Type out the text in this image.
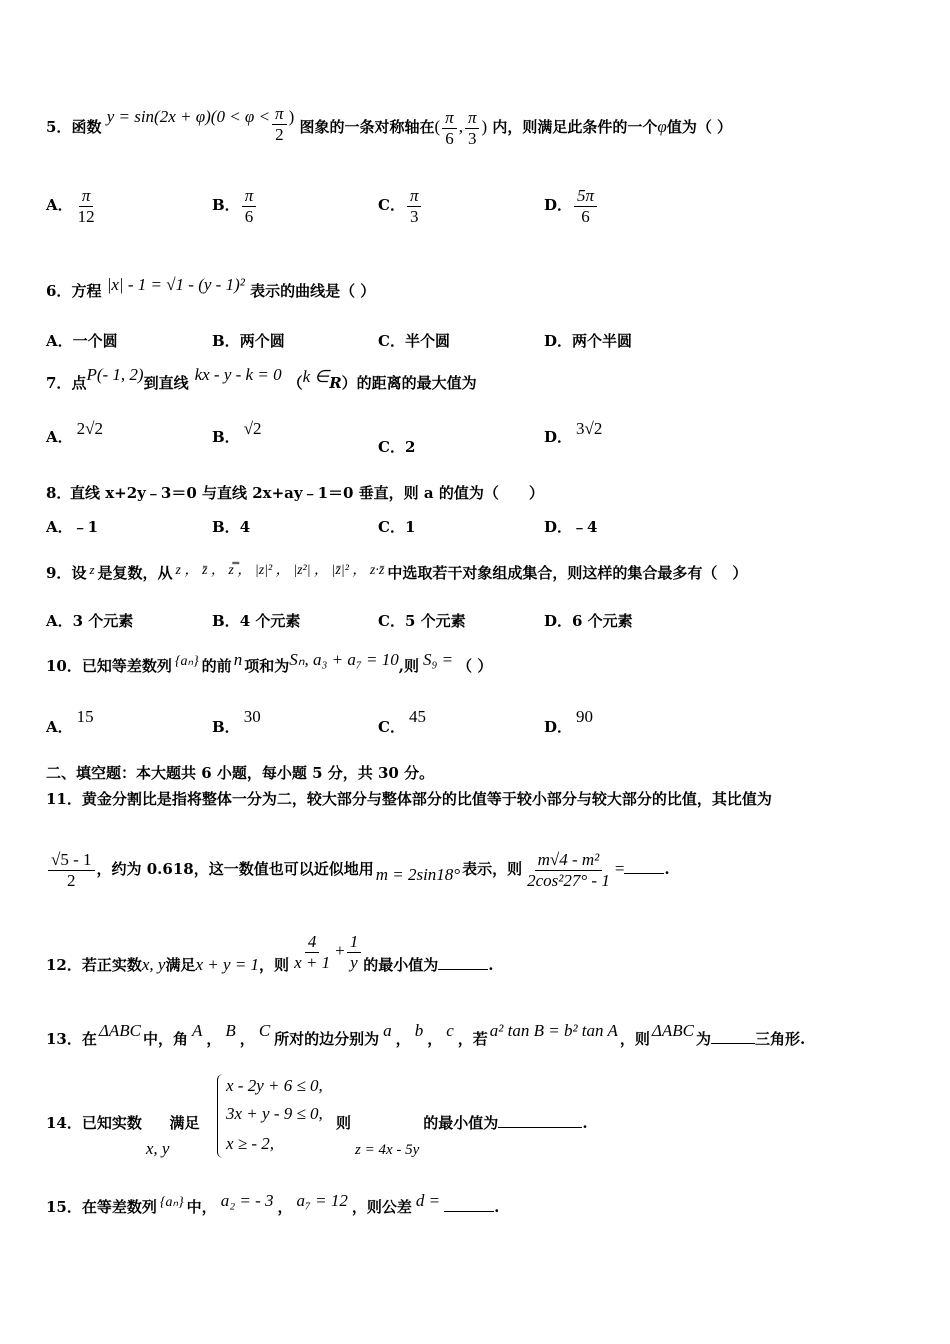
5．函数 $y = \sin(2x + \varphi)(0 < \varphi < \frac{\pi}{2}$ ) 图象的一条对称轴在( $\frac{\pi}{6}$ , $\frac{\pi}{3}$ ) 内，则满足此条件的一个φ值为（ ）
A． $\frac{\pi}{12}$	B． $\frac{\pi}{6}$	C． $\frac{\pi}{3}$	D． $\frac{5\pi}{6}$
6．方程 |x| - 1 = √1 - (y - 1)² 表示的曲线是（ ）
A．一个圆	B．两个圆	C．半个圆	D．两个半圆
7．点P(- 1, 2)到直线 kx - y - k = 0 （k ∈R）的距离的最大值为
A． 2√2	B． √2
C．2
D． 3√2
直线 x+2y﹣3＝0 与直线 2x+ay﹣1＝0 垂直，则 a 的值为（　　）
8．
A．﹣1	B．4	C．1	D．﹣4
9．设 z 是复数，从 z ， z̄ ， z̿ ， |z|² ， |z²| ， |z̄|² ， z·z̄ 中选取若干对象组成集合，则这样的集合最多有（　）
A．3 个元素	B．4 个元素	C．5 个元素	D．6 个元素
10．已知等差数列 {aₙ} 的前 n 项和为Sₙ, a₃ + a₇ = 10,则 S₉ = （ ）
A．15
B．30
C．45
D．90
二、填空题：本大题共 6 小题，每小题 5 分，共 30 分。
11．黄金分割比是指将整体一分为二，较大部分与整体部分的比值等于较小部分与较大部分的比值，其比值为
$\frac{√5 - 1}{2}$ ，约为 0.618，这一数值也可以近似地用 m = 2sin18° 表示，则 $\frac{\text{m√4 - m²}}{\text{2cos²27° - 1}}$ =	.
12．若正实数x, y满足x + y = 1，则 $\frac{4}{x + 1} + \frac{1}{y}$ 的最小值为	.
13．在 ΔABC 中，角 A ， B ， C 所对的边分别为 a ， b ， c ，若 a² tan B = b² tan A ，则 ΔABC 为	三角形.
14．已知实数x, y满足
x - 2y + 6 ≤ 0,
3x + y - 9 ≤ 0,
x ≥ - 2,
则z = 4x - 5y的最小值为	.
15．在等差数列 {aₙ} 中， a₂ = - 3 ， a₇ = 12 ，则公差 d =	.
